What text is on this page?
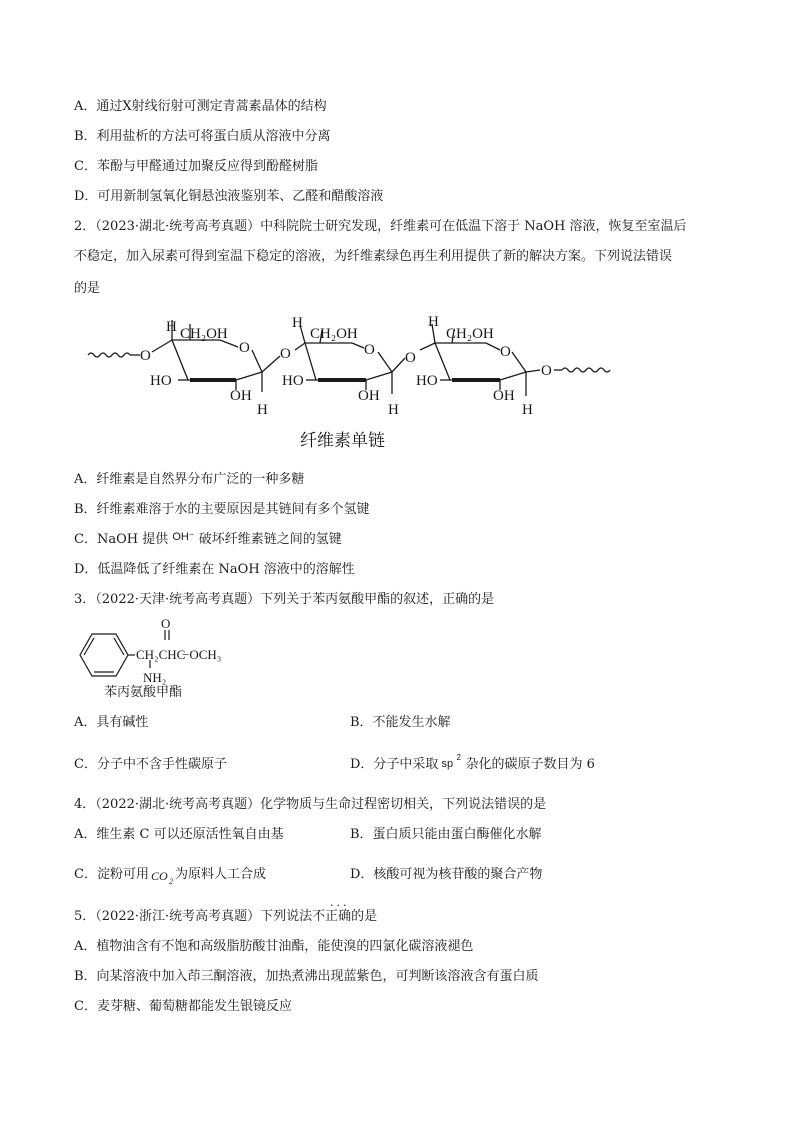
A．通过X射线衍射可测定青蒿素晶体的结构
B．利用盐析的方法可将蛋白质从溶液中分离
C．苯酚与甲醛通过加聚反应得到酚醛树脂
D．可用新制氢氧化铜悬浊液鉴别苯、乙醛和醋酸溶液
2．（2023·湖北·统考高考真题）中科院院士研究发现，纤维素可在低温下溶于 NaOH 溶液，恢复至室温后
不稳定，加入尿素可得到室温下稳定的溶液，为纤维素绿色再生利用提供了新的解决方案。下列说法错误
的是
O
H CH₂OH
O
HO
OH
H
O
H
CH₂OH
O
HO
OH
H
O
H
CH₂OH
O
HO
OH
H
O
O
CH₂CHC
−OCH₃
NH₂
纤维素单链
A．纤维素是自然界分布广泛的一种多糖
B．纤维素难溶于水的主要原因是其链间有多个氢键
C．NaOH 提供 $^{OH^-}$ 破坏纤维素链之间的氢键
D．低温降低了纤维素在 NaOH 溶液中的溶解性
3．（2022·天津·统考高考真题）下列关于苯丙氨酸甲酯的叙述，正确的是
苯丙氨酸甲酯
A．具有碱性	B．不能发生水解
C．分子中不含手性碳原子	D．分子中采取 sp
2 杂化的碳原子数目为 6
4．（2022·湖北·统考高考真题）化学物质与生命过程密切相关，下列说法错误的是
A．维生素 C 可以还原活性氧自由基	B．蛋白质只能由蛋白酶催化水解
C．淀粉可用 CO 2 为原料人工合成	D．核酸可视为核苷酸的聚合产物
···
5．（2022·浙江·统考高考真题）下列说法不正确的是
A．植物油含有不饱和高级脂肪酸甘油酯，能使溴的四氯化碳溶液褪色
B．向某溶液中加入茚三酮溶液，加热煮沸出现蓝紫色，可判断该溶液含有蛋白质
C．麦芽糖、葡萄糖都能发生银镜反应
